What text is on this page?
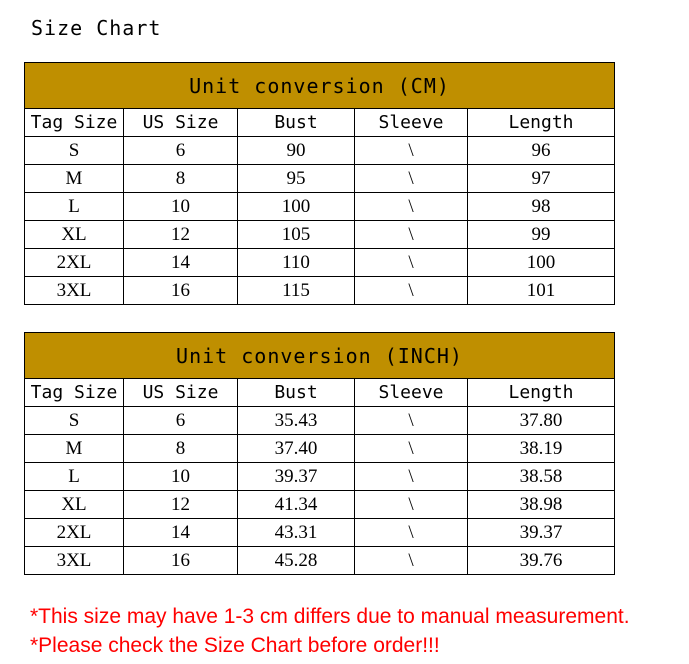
Size Chart
Unit conversion (CM)				
Tag Size	US Size	Bust	Sleeve	Length
S	6	90	\	96
M	8	95	\	97
L	10	100	\	98
XL	12	105	\	99
2XL	14	110	\	100
3XL	16	115	\	101
Unit conversion (INCH)				
Tag Size	US Size	Bust	Sleeve	Length
S	6	35.43	\	37.80
M	8	37.40	\	38.19
L	10	39.37	\	38.58
XL	12	41.34	\	38.98
2XL	14	43.31	\	39.37
3XL	16	45.28	\	39.76
*This size may have 1-3 cm differs due to manual measurement.
*Please check the Size Chart before order!!!
